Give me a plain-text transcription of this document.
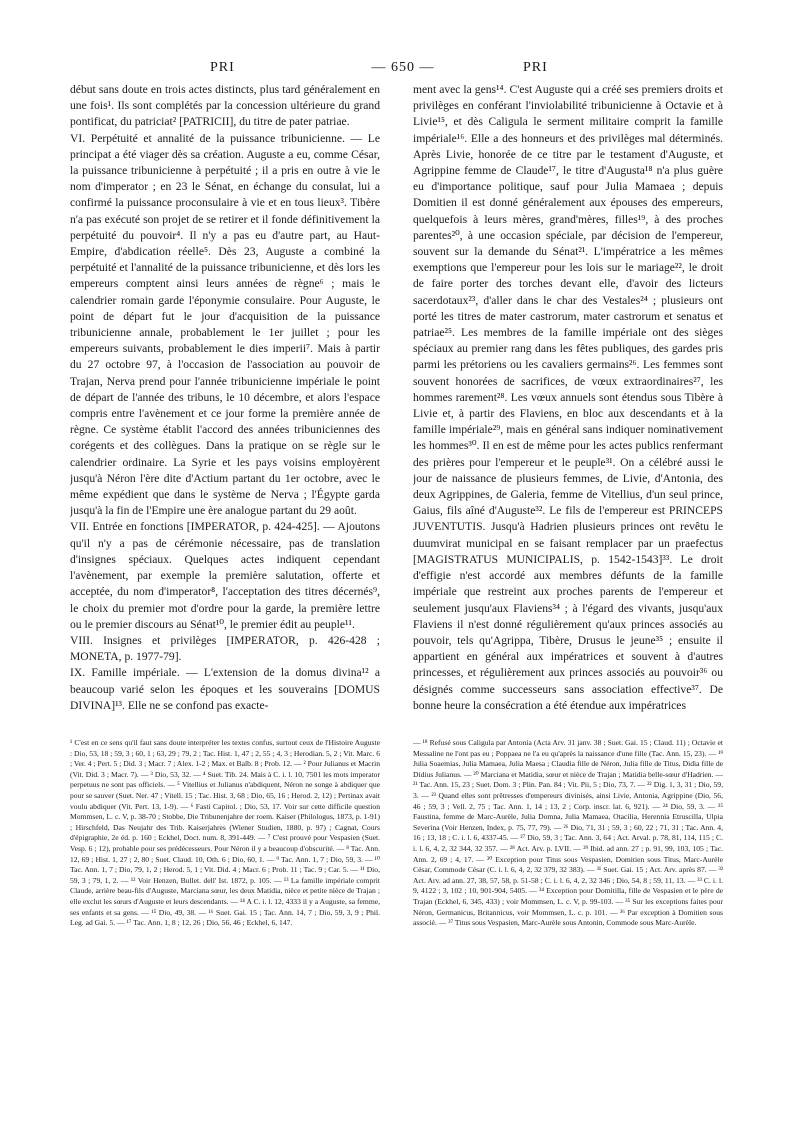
PRI	— 650 —	PRI

début sans doute en trois actes distincts, plus tard généralement en une fois¹. Ils sont complétés par la concession ultérieure du grand pontificat, du patriciat² [PATRICII], du titre de pater patriae.

VI. Perpétuité et annalité de la puissance tribunicienne. — Le principat a été viager dès sa création. Auguste a eu, comme César, la puissance tribunicienne à perpétuité ; il a pris en outre à vie le nom d'imperator ; en 23 le Sénat, en échange du consulat, lui a confirmé la puissance proconsulaire à vie et en tous lieux³. Tibère n'a pas exécuté son projet de se retirer et il fonde définitivement la perpétuité du pouvoir⁴. Il n'y a pas eu d'autre part, au Haut-Empire, d'abdication réelle⁵. Dès 23, Auguste a combiné la perpétuité et l'annalité de la puissance tribunicienne, et dès lors les empereurs comptent ainsi leurs années de règne⁶ ; mais le calendrier romain garde l'éponymie consulaire. Pour Auguste, le point de départ fut le jour d'acquisition de la puissance tribunicienne annale, probablement le 1er juillet ; pour les empereurs suivants, probablement le dies imperii⁷. Mais à partir du 27 octobre 97, à l'occasion de l'association au pouvoir de Trajan, Nerva prend pour l'année tribunicienne impériale le point de départ de l'année des tribuns, le 10 décembre, et alors l'espace compris entre l'avènement et ce jour forme la première année de règne. Ce système établit l'accord des années tribuniciennes des corégents et des collègues. Dans la pratique on se règle sur le calendrier ordinaire. La Syrie et les pays voisins employèrent jusqu'à Néron l'ère dite d'Actium partant du 1er octobre, avec le même expédient que dans le système de Nerva ; l'Égypte garda jusqu'à la fin de l'Empire une ère analogue partant du 29 août.

VII. Entrée en fonctions [IMPERATOR, p. 424-425]. — Ajoutons qu'il n'y a pas de cérémonie nécessaire, pas de translation d'insignes spéciaux. Quelques actes indiquent cependant l'avènement, par exemple la première salutation, offerte et acceptée, du nom d'imperator⁸, l'acceptation des titres décernés⁹, le choix du premier mot d'ordre pour la garde, la première lettre ou le premier discours au Sénat¹⁰, le premier édit au peuple¹¹.

VIII. Insignes et privilèges [IMPERATOR, p. 426-428 ; MONETA, p. 1977-79].

IX. Famille impériale. — L'extension de la domus divina¹² a beaucoup varié selon les époques et les souverains [DOMUS DIVINA]¹³. Elle ne se confond pas exacte-

ment avec la gens¹⁴. C'est Auguste qui a créé ses premiers droits et privilèges en conférant l'inviolabilité tribunicienne à Octavie et à Livie¹⁵, et dès Caligula le serment militaire comprit la famille impériale¹⁶. Elle a des honneurs et des privilèges mal déterminés. Après Livie, honorée de ce titre par le testament d'Auguste, et Agrippine femme de Claude¹⁷, le titre d'Augusta¹⁸ n'a plus guère eu d'importance politique, sauf pour Julia Mamaea ; depuis Domitien il est donné généralement aux épouses des empereurs, quelquefois à leurs mères, grand'mères, filles¹⁹, à des proches parentes²⁰, à une occasion spéciale, par décision de l'empereur, souvent sur la demande du Sénat²¹. L'impératrice a les mêmes exemptions que l'empereur pour les lois sur le mariage²², le droit de faire porter des torches devant elle, d'avoir des licteurs sacerdotaux²³, d'aller dans le char des Vestales²⁴ ; plusieurs ont porté les titres de mater castrorum, mater castrorum et senatus et patriae²⁵. Les membres de la famille impériale ont des sièges spéciaux au premier rang dans les fêtes publiques, des gardes pris parmi les prétoriens ou les cavaliers germains²⁶. Les femmes sont souvent honorées de sacrifices, de vœux extraordinaires²⁷, les hommes rarement²⁸. Les vœux annuels sont étendus sous Tibère à Livie et, à partir des Flaviens, en bloc aux descendants et à la famille impériale²⁹, mais en général sans indiquer nominativement les hommes³⁰. Il en est de même pour les actes publics renfermant des prières pour l'empereur et le peuple³¹. On a célébré aussi le jour de naissance de plusieurs femmes, de Livie, d'Antonia, des deux Agrippines, de Galeria, femme de Vitellius, d'un seul prince, Gaius, fils aîné d'Auguste³². Le fils de l'empereur est PRINCEPS JUVENTUTIS. Jusqu'à Hadrien plusieurs princes ont revêtu le duumvirat municipal en se faisant remplacer par un praefectus [MAGISTRATUS MUNICIPALIS, p. 1542-1543]³³. Le droit d'effigie n'est accordé aux membres défunts de la famille impériale que restreint aux proches parents de l'empereur et seulement jusqu'aux Flaviens³⁴ ; à l'égard des vivants, jusqu'aux Flaviens il n'est donné régulièrement qu'aux princes associés au pouvoir, tels qu'Agrippa, Tibère, Drusus le jeune³⁵ ; ensuite il appartient en général aux impératrices et souvent à d'autres princesses, et régulièrement aux princes associés au pouvoir³⁶ ou désignés comme successeurs sans association effective³⁷. De bonne heure la consécration a été étendue aux impératrices

¹ C'est en ce sens qu'il faut sans doute interpréter les textes confus, surtout ceux de l'Histoire Auguste : Dio, 53, 18 ; 59, 3 ; 60, 1 ; 63, 29 ; 79, 2 ; Tac. Hist. 1, 47 ; 2, 55 ; 4, 3 ; Herodian. 5, 2 ; Vit. Marc. 6 ; Ver. 4 ; Pert. 5 ; Did. 3 ; Macr. 7 ; Alex. 1-2 ; Max. et Balb. 8 ; Prob. 12. — ² Pour Julianus et Macrin (Vit. Did. 3 ; Macr. 7). — ³ Dio, 53, 32. — ⁴ Suet. Tib. 24. Mais à C. i. l. 10, 7501 les mots imperator perpetuus ne sont pas officiels. — ⁵ Vitellius et Julianus n'abdiquent, Néron ne songe à abdiquer que pour se sauver (Suet. Ner. 47 ; Vitell. 15 ; Tac. Hist. 3, 68 ; Dio, 65, 16 ; Herod. 2, 12) ; Pertinax avait voulu abdiquer (Vit. Pert. 13, 1-9). — ⁶ Fasti Capitol. ; Dio, 53, 17. Voir sur cette difficile question Mommsen, L. c. V, p. 38-70 ; Stobbe, Die Tribunenjahre der roem. Kaiser (Philologus, 1873, p. 1-91) ; Hirschfeld, Das Neujahr des Trib. Kaiserjahres (Wiener Studien, 1880, p. 97) ; Cagnat, Cours d'épigraphie, 2e éd. p. 160 ; Eckhel, Doct. num. 8, 391-449. — ⁷ C'est prouvé pour Vespasien (Suet. Vesp. 6 ; 12), probable pour ses prédécesseurs. Pour Néron il y a beaucoup d'obscurité. — ⁸ Tac. Ann. 12, 69 ; Hist. 1, 27 ; 2, 80 ; Suet. Claud. 10, Oth. 6 ; Dio, 60, 1. — ⁹ Tac. Ann. 1, 7 ; Dio, 59, 3. — ¹⁰ Tac. Ann. 1, 7 ; Dio, 79, 1, 2 ; Herod. 5, 1 ; Vit. Did. 4 ; Macr. 6 ; Prob. 11 ; Tac. 9 ; Car. 5. — ¹¹ Dio, 59, 3 ; 79, 1, 2. — ¹² Voir Henzen, Bullet. dell' Ist. 1872, p. 105. — ¹³ La famille impériale comprit Claude, arrière beau-fils d'Auguste, Marciana sœur, les deux Matidia, nièce et petite nièce de Trajan ; elle exclut les sœurs d'Auguste et leurs descendants. — ¹⁴ A C. i. l. 12, 4333 il y a Auguste, sa femme, ses enfants et sa gens. — ¹⁵ Dio, 49, 38. — ¹⁶ Suet. Gai. 15 ; Tac. Ann. 14, 7 ; Dio, 59, 3, 9 ; Phil. Leg. ad Gai. 5. — ¹⁷ Tac. Ann. 1, 8 ; 12, 26 ; Dio, 56, 46 ; Eckhel, 6, 147.

— ¹⁸ Refusé sous Caligula par Antonia (Acta Arv. 31 janv. 38 ; Suet. Gai. 15 ; Claud. 11) ; Octavie et Messaline ne l'ont pas eu ; Poppaea ne l'a eu qu'après la naissance d'une fille (Tac. Ann. 15, 23). — ¹⁹ Julia Soaemias, Julia Mamaea, Julia Maesa ; Claudia fille de Néron, Julia fille de Titus, Didia fille de Didius Julianus. — ²⁰ Marciana et Matidia, sœur et nièce de Trajan ; Matidia belle-sœur d'Hadrien. — ²¹ Tac. Ann. 15, 23 ; Suet. Dom. 3 ; Plin. Pan. 84 ; Vit. Pii, 5 ; Dio, 73, 7. — ²² Dig. 1, 3, 31 ; Dio, 59, 3. — ²³ Quand elles sont prêtresses d'empereurs divinisés, ainsi Livie, Antonia, Agrippine (Dio, 56, 46 ; 59, 3 ; Vell. 2, 75 ; Tac. Ann. 1, 14 ; 13, 2 ; Corp. inscr. lat. 6, 921). — ²⁴ Dio, 59, 3. — ²⁵ Faustina, femme de Marc-Aurèle, Julia Domna, Julia Mamaea, Otacilia, Herennia Etruscilla, Ulpia Severina (Voir Henzen, Index, p. 75, 77, 79). — ²⁶ Dio, 71, 31 ; 59, 3 ; 60, 22 ; 71, 31 ; Tac. Ann. 4, 16 ; 13, 18 ; C. i. l. 6, 4337-45. — ²⁷ Dio, 59, 3 ; Tac. Ann. 3, 64 ; Act. Arval. p. 78, 81, 114, 115 ; C. i. l. 6, 4, 2, 32 344, 32 357. — ²⁸ Act. Arv. p. LVII. — ²⁹ Ibid. ad ann. 27 ; p. 91, 99, 103, 105 ; Tac. Ann. 2, 69 ; 4, 17. — ³⁰ Exception pour Titus sous Vespasien, Domitien sous Titus, Marc-Aurèle César, Commode César (C. i. l. 6, 4, 2, 32 379, 32 383). — ³¹ Suet. Gai. 15 ; Act. Arv. après 87. — ³² Act. Arv. ad ann. 27, 38, 57, 58, p. 51-58 ; C. i. l. 6, 4, 2, 32 346 ; Dio, 54, 8 ; 59, 11, 13. — ³³ C. i. l. 9, 4122 ; 3, 102 ; 10, 901-904, 5405. — ³⁴ Exception pour Domitilla, fille de Vespasien et le père de Trajan (Eckhel, 6, 345, 433) ; voir Mommsen, L. c. V, p. 99-103. — ³⁵ Sur les exceptions faites pour Néron, Germanicus, Britannicus, voir Mommsen, L. c. p. 101. — ³⁶ Par exception à Domitien sous associé. — ³⁷ Titus sous Vespasien, Marc-Aurèle sous Antonin, Commode sous Marc-Aurèle.
